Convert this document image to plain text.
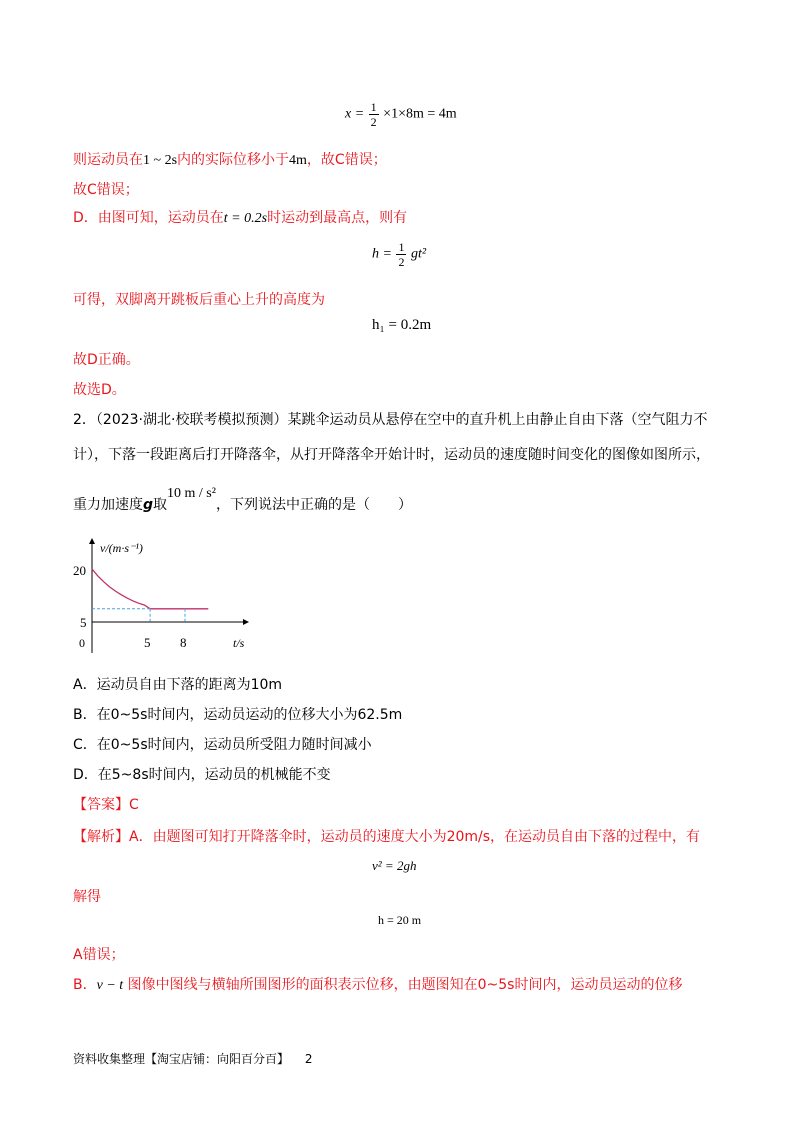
$x = \frac{1}{2} \times 1\times 8m = 4m$
则运动员在1 ~ 2s内的实际位移小于4m，故C错误；
故C错误；
D．由图可知，运动员在t = 0.2s时运动到最高点，则有
$h = \frac{1}{2} gt^2$
可得，双脚离开跳板后重心上升的高度为
h₁ = 0.2m
故D正确。
故选D。
2．（2023·湖北·校联考模拟预测）某跳伞运动员从悬停在空中的直升机上由静止自由下落（空气阻力不
计），下落一段距离后打开降落伞，从打开降落伞开始计时，运动员的速度随时间变化的图像如图所示，
重力加速度g取10 m / s²，下列说法中正确的是（　　）
v/(m·s⁻¹)
t/s
0
20
5
5 8
A．运动员自由下落的距离为10m
B．在0~5s时间内，运动员运动的位移大小为62.5m
C．在0~5s时间内，运动员所受阻力随时间减小
D．在5~8s时间内，运动员的机械能不变
【答案】C
【解析】A．由题图可知打开降落伞时，运动员的速度大小为20m/s，在运动员自由下落的过程中，有
v² = 2gh
解得
h = 20 m
A错误；
B．v − t 图像中图线与横轴所围图形的面积表示位移，由题图知在0~5s时间内，运动员运动的位移
资料收集整理【淘宝店铺：向阳百分百】 2
